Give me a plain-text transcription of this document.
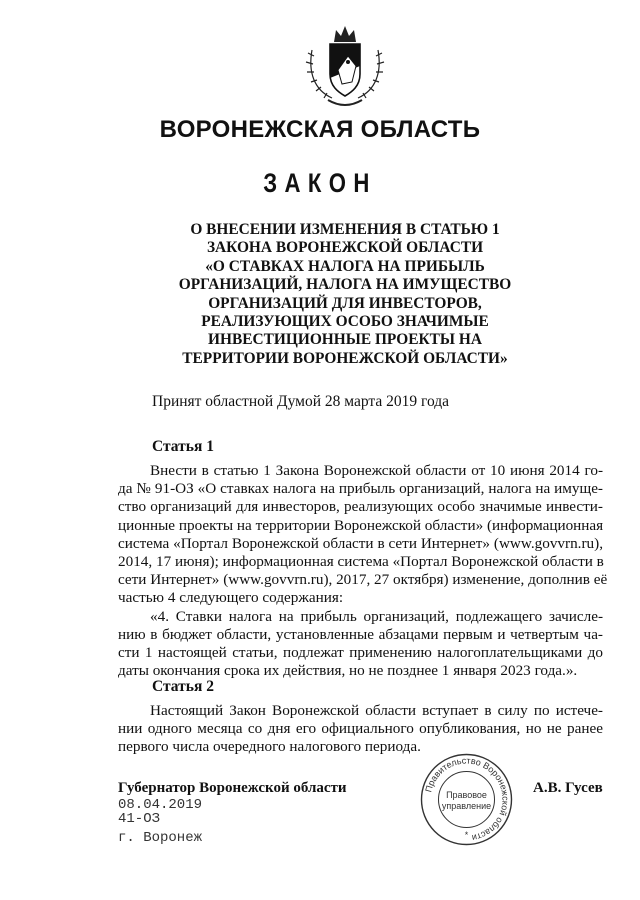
ВОРОНЕЖСКАЯ ОБЛАСТЬ
ЗАКОН
О ВНЕСЕНИИ ИЗМЕНЕНИЯ В СТАТЬЮ 1
ЗАКОНА ВОРОНЕЖСКОЙ ОБЛАСТИ
«О СТАВКАХ НАЛОГА НА ПРИБЫЛЬ
ОРГАНИЗАЦИЙ, НАЛОГА НА ИМУЩЕСТВО
ОРГАНИЗАЦИЙ ДЛЯ ИНВЕСТОРОВ,
РЕАЛИЗУЮЩИХ ОСОБО ЗНАЧИМЫЕ
ИНВЕСТИЦИОННЫЕ ПРОЕКТЫ НА
ТЕРРИТОРИИ ВОРОНЕЖСКОЙ ОБЛАСТИ»
Принят областной Думой 28 марта 2019 года
Статья 1
Внести в статью 1 Закона Воронежской области от 10 июня 2014 го-
да № 91-ОЗ «О ставках налога на прибыль организаций, налога на имуще-
ство организаций для инвесторов, реализующих особо значимые инвести-
ционные проекты на территории Воронежской области» (информационная
система «Портал Воронежской области в сети Интернет» (www.govvrn.ru),
2014, 17 июня); информационная система «Портал Воронежской области в
сети Интернет» (www.govvrn.ru), 2017, 27 октября) изменение, дополнив её
частью 4 следующего содержания:
«4. Ставки налога на прибыль организаций, подлежащего зачисле-
нию в бюджет области, установленные абзацами первым и четвертым ча-
сти 1 настоящей статьи, подлежат применению налогоплательщиками до
даты окончания срока их действия, но не позднее 1 января 2023 года.».
Статья 2
Настоящий Закон Воронежской области вступает в силу по истече-
нии одного месяца со дня его официального опубликования, но не ранее
первого числа очередного налогового периода.
Губернатор Воронежской области	А.В. Гусев
08.04.2019
41-ОЗ
г. Воронеж
Правительство Воронежской области
Правовое
управление
*
